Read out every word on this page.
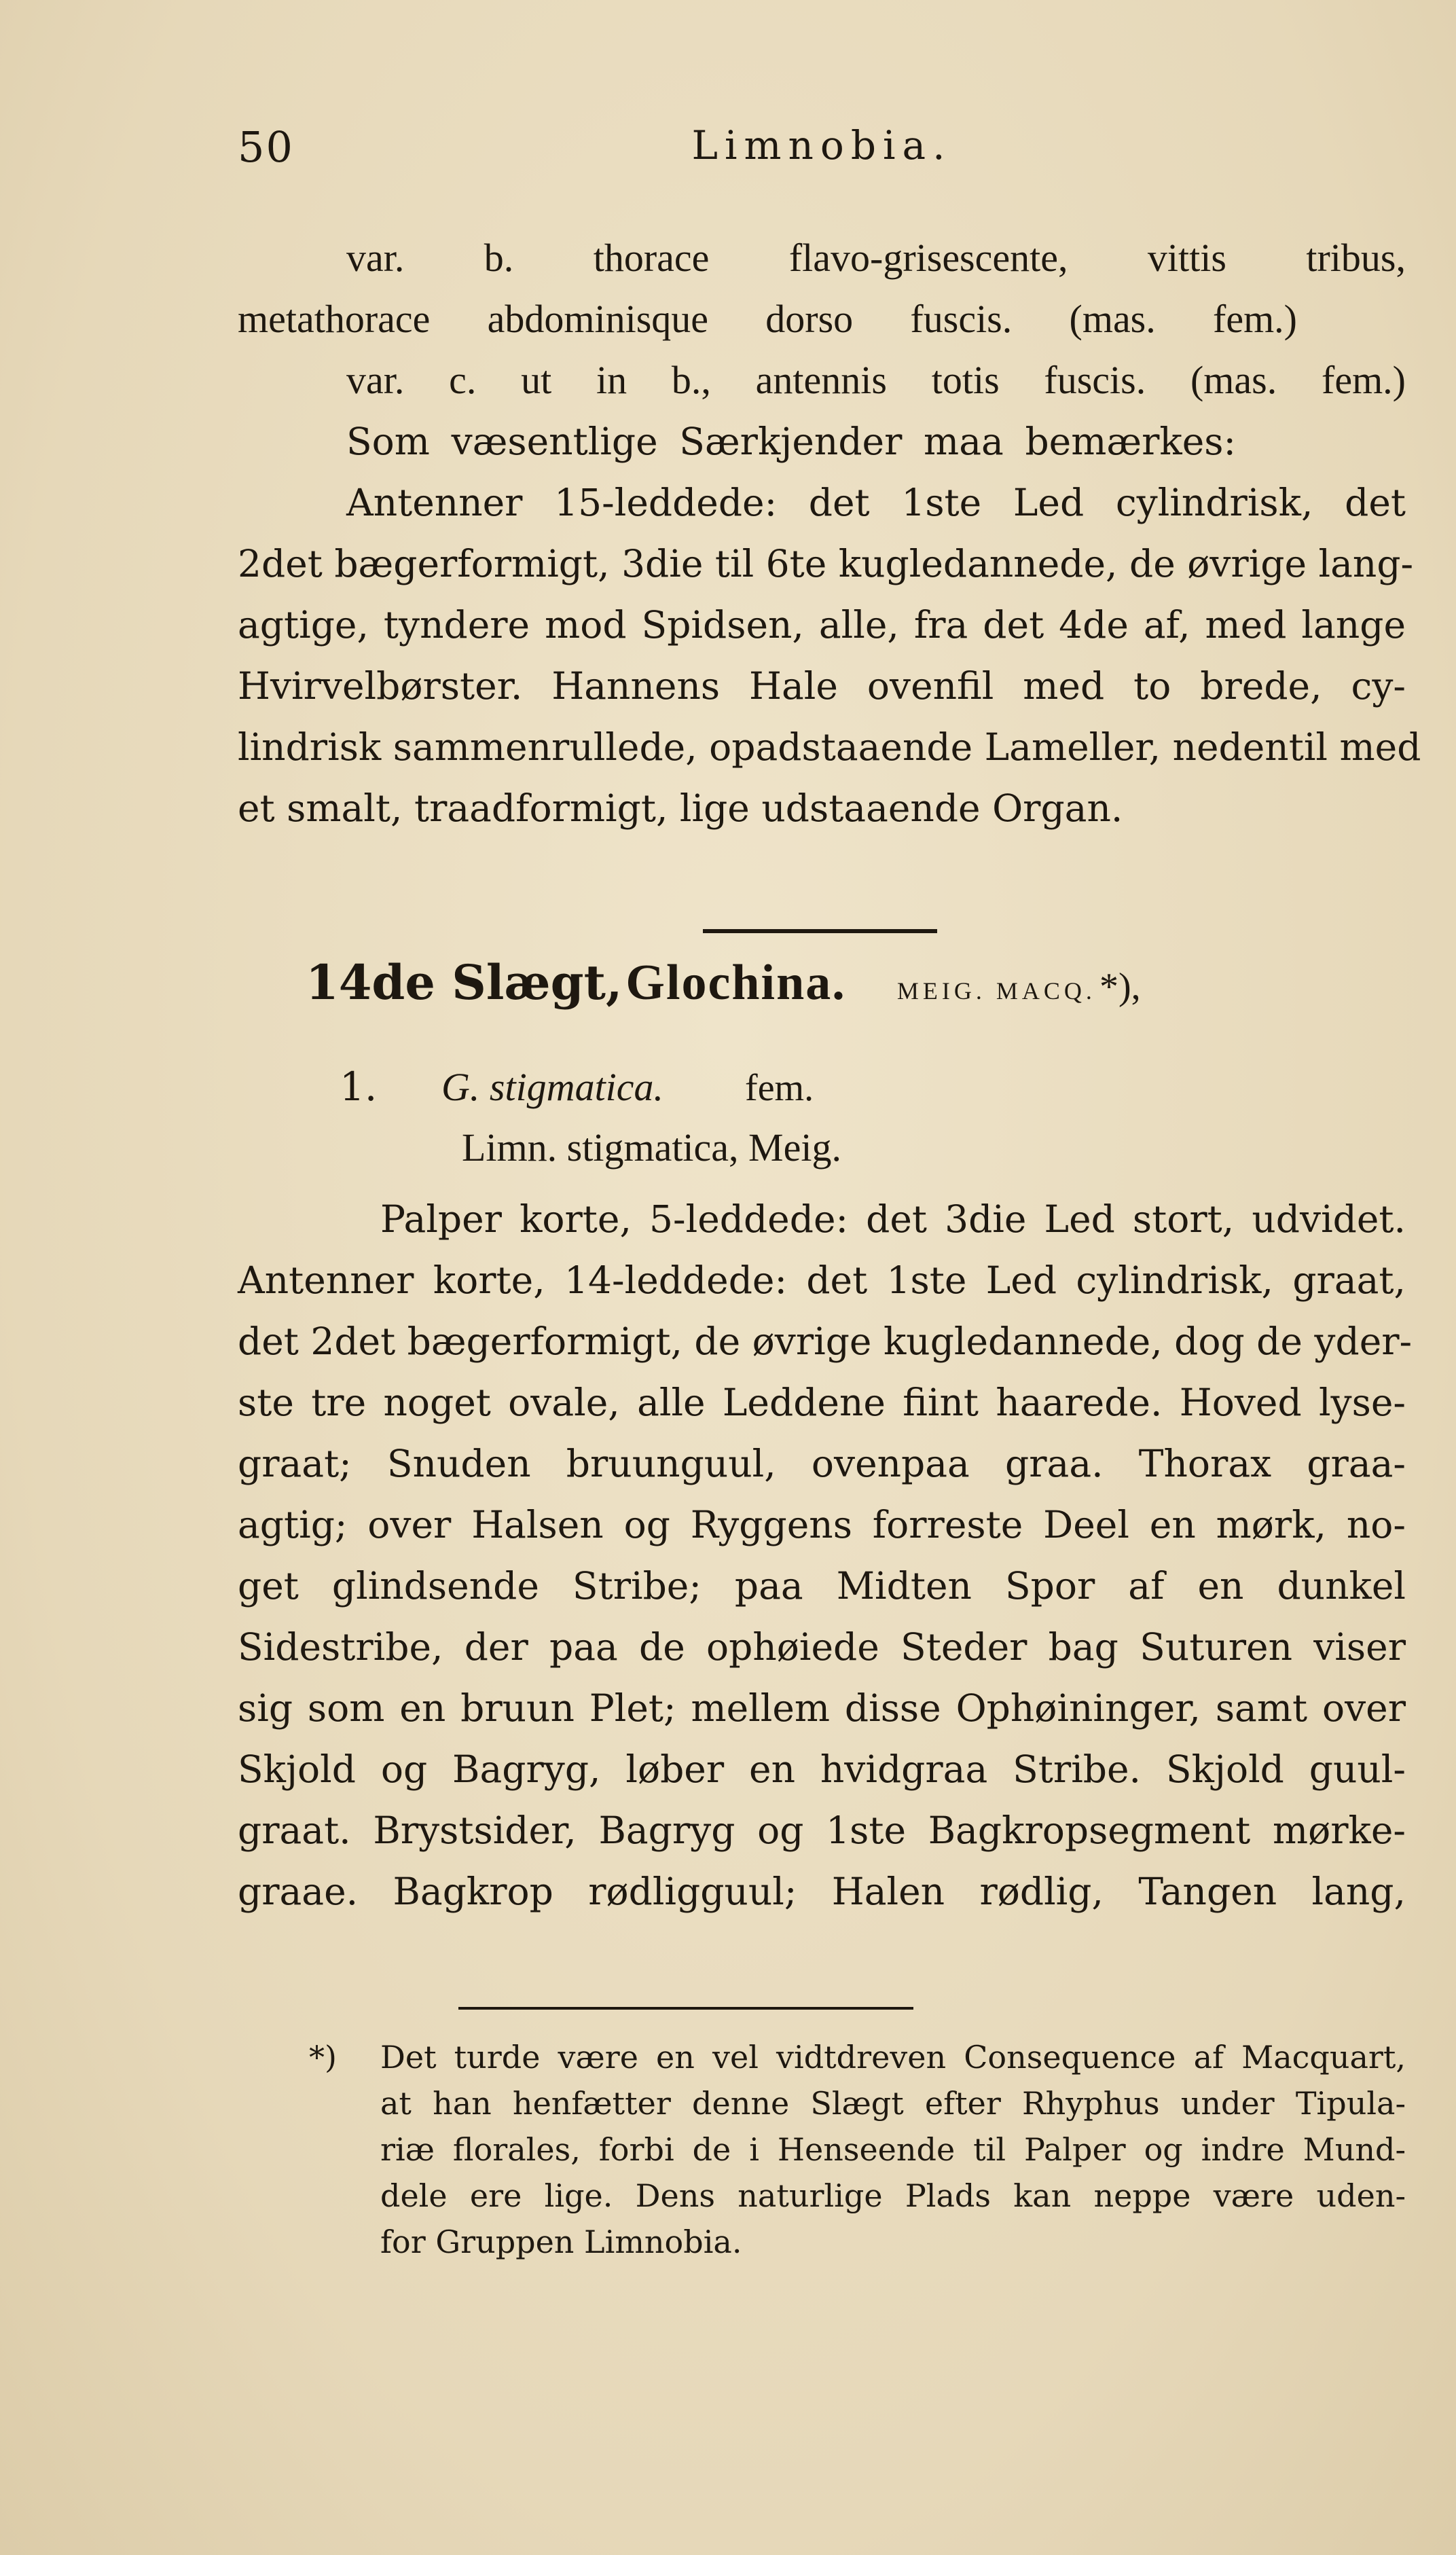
50	Limnobia.
var. b. thorace flavo-grisescente, vittis tribus,
metathorace abdominisque dorso fuscis. (mas. fem.)
var. c. ut in b., antennis totis fuscis. (mas. fem.)
Som væsentlige Særkjender maa bemærkes:
Antenner 15-leddede: det 1ste Led cylindrisk, det
2det bægerformigt, 3die til 6te kugledannede, de øvrige lang-
agtige, tyndere mod Spidsen, alle, fra det 4de af, med lange
Hvirvelbørster. Hannens Hale ovenfil med to brede, cy-
lindrisk sammenrullede, opadstaaende Lameller, nedentil med
et smalt, traadformigt, lige udstaaende Organ.
14de Slægt, Glochina. MEIG. MACQ. *),
1. G. stigmatica. fem.
Limn. stigmatica, Meig.
Palper korte, 5-leddede: det 3die Led stort, udvidet.
Antenner korte, 14-leddede: det 1ste Led cylindrisk, graat,
det 2det bægerformigt, de øvrige kugledannede, dog de yder-
ste tre noget ovale, alle Leddene fiint haarede. Hoved lyse-
graat; Snuden bruunguul, ovenpaa graa. Thorax graa-
agtig; over Halsen og Ryggens forreste Deel en mørk, no-
get glindsende Stribe; paa Midten Spor af en dunkel
Sidestribe, der paa de ophøiede Steder bag Suturen viser
sig som en bruun Plet; mellem disse Ophøininger, samt over
Skjold og Bagryg, løber en hvidgraa Stribe. Skjold guul-
graat. Brystsider, Bagryg og 1ste Bagkropsegment mørke-
graae. Bagkrop rødligguul; Halen rødlig, Tangen lang,
*) Det turde være en vel vidtdreven Consequence af Macquart,
at han henfætter denne Slægt efter Rhyphus under Tipula-
riæ florales, forbi de i Henseende til Palper og indre Mund-
dele ere lige. Dens naturlige Plads kan neppe være uden-
for Gruppen Limnobia.
